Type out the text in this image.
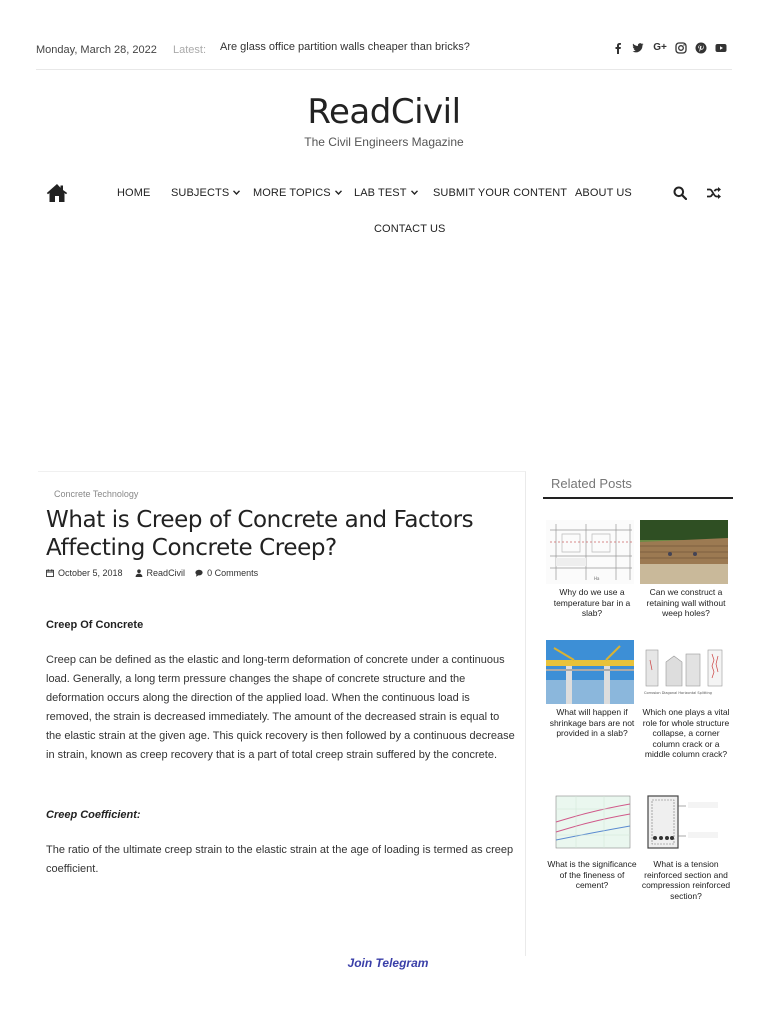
Monday, March 28, 2022 Latest: Are glass office partition walls cheaper than bricks?	G+
ReadCivil
The Civil Engineers Magazine
HOME SUBJECTS	MORE TOPICS	LAB TEST	SUBMIT YOUR CONTENT ABOUT US
CONTACT US
Concrete Technology
What is Creep of Concrete and Factors Affecting Concrete Creep?
October 5, 2018	ReadCivil 0 Comments
Creep Of Concrete

Creep can be defined as the elastic and long-term deformation of concrete under a continuous load. Generally, a long term pressure changes the shape of concrete structure and the deformation occurs along the direction of the applied load. When the continuous load is removed, the strain is decreased immediately. The amount of the decreased strain is equal to the elastic strain at the given age. This quick recovery is then followed by a continuous decrease in strain, known as creep recovery that is a part of total creep strain suffered by the concrete.

Creep Coefficient:

The ratio of the ultimate creep strain to the elastic strain at the age of loading is termed as creep coefficient.

Related Posts
Ha
Why do we use a temperature bar in a slab?
Can we construct a retaining wall without weep holes?
What will happen if shrinkage bars are not provided in a slab?
Corrosion Diagonal Horizontal Splitting
Which one plays a vital role for whole structure collapse, a corner column crack or a middle column crack?
What is the significance of the fineness of cement?
What is a tension reinforced section and compression reinforced section?
Join Telegram
